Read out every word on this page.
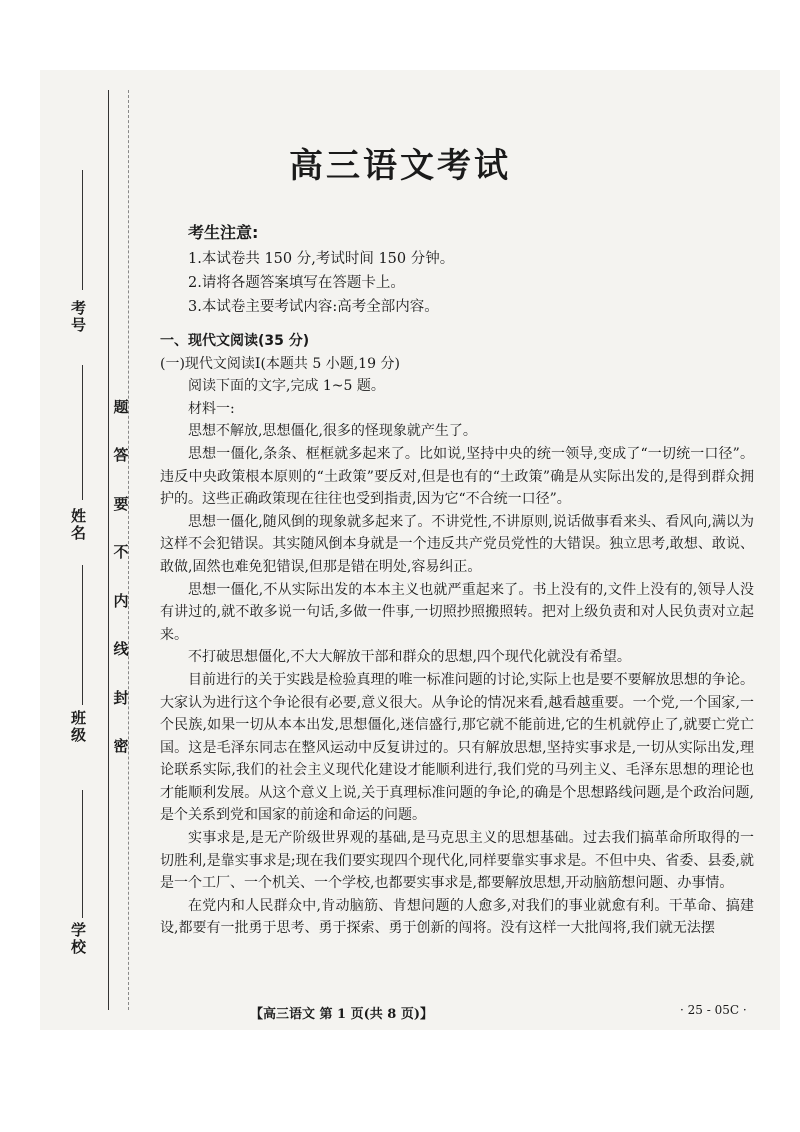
考号
姓名
班级
学校
题
答
要
不
内
线
封
密
高三语文考试
考生注意:
1.本试卷共 150 分,考试时间 150 分钟。
2.请将各题答案填写在答题卡上。
3.本试卷主要考试内容:高考全部内容。

一、现代文阅读(35 分)

(一)现代文阅读Ⅰ(本题共 5 小题,19 分)

阅读下面的文字,完成 1~5 题。

材料一:

思想不解放,思想僵化,很多的怪现象就产生了。

思想一僵化,条条、框框就多起来了。比如说,坚持中央的统一领导,变成了“一切统一口径”。违反中央政策根本原则的“土政策”要反对,但是也有的“土政策”确是从实际出发的,是得到群众拥护的。这些正确政策现在往往也受到指责,因为它“不合统一口径”。

思想一僵化,随风倒的现象就多起来了。不讲党性,不讲原则,说话做事看来头、看风向,满以为这样不会犯错误。其实随风倒本身就是一个违反共产党员党性的大错误。独立思考,敢想、敢说、敢做,固然也难免犯错误,但那是错在明处,容易纠正。

思想一僵化,不从实际出发的本本主义也就严重起来了。书上没有的,文件上没有的,领导人没有讲过的,就不敢多说一句话,多做一件事,一切照抄照搬照转。把对上级负责和对人民负责对立起来。

不打破思想僵化,不大大解放干部和群众的思想,四个现代化就没有希望。

目前进行的关于实践是检验真理的唯一标准问题的讨论,实际上也是要不要解放思想的争论。大家认为进行这个争论很有必要,意义很大。从争论的情况来看,越看越重要。一个党,一个国家,一个民族,如果一切从本本出发,思想僵化,迷信盛行,那它就不能前进,它的生机就停止了,就要亡党亡国。这是毛泽东同志在整风运动中反复讲过的。只有解放思想,坚持实事求是,一切从实际出发,理论联系实际,我们的社会主义现代化建设才能顺利进行,我们党的马列主义、毛泽东思想的理论也才能顺利发展。从这个意义上说,关于真理标准问题的争论,的确是个思想路线问题,是个政治问题,是个关系到党和国家的前途和命运的问题。

实事求是,是无产阶级世界观的基础,是马克思主义的思想基础。过去我们搞革命所取得的一切胜利,是靠实事求是;现在我们要实现四个现代化,同样要靠实事求是。不但中央、省委、县委,就是一个工厂、一个机关、一个学校,也都要实事求是,都要解放思想,开动脑筋想问题、办事情。

在党内和人民群众中,肯动脑筋、肯想问题的人愈多,对我们的事业就愈有利。干革命、搞建设,都要有一批勇于思考、勇于探索、勇于创新的闯将。没有这样一大批闯将,我们就无法摆

【高三语文 第 1 页(共 8 页)】	· 25 - 05C ·
